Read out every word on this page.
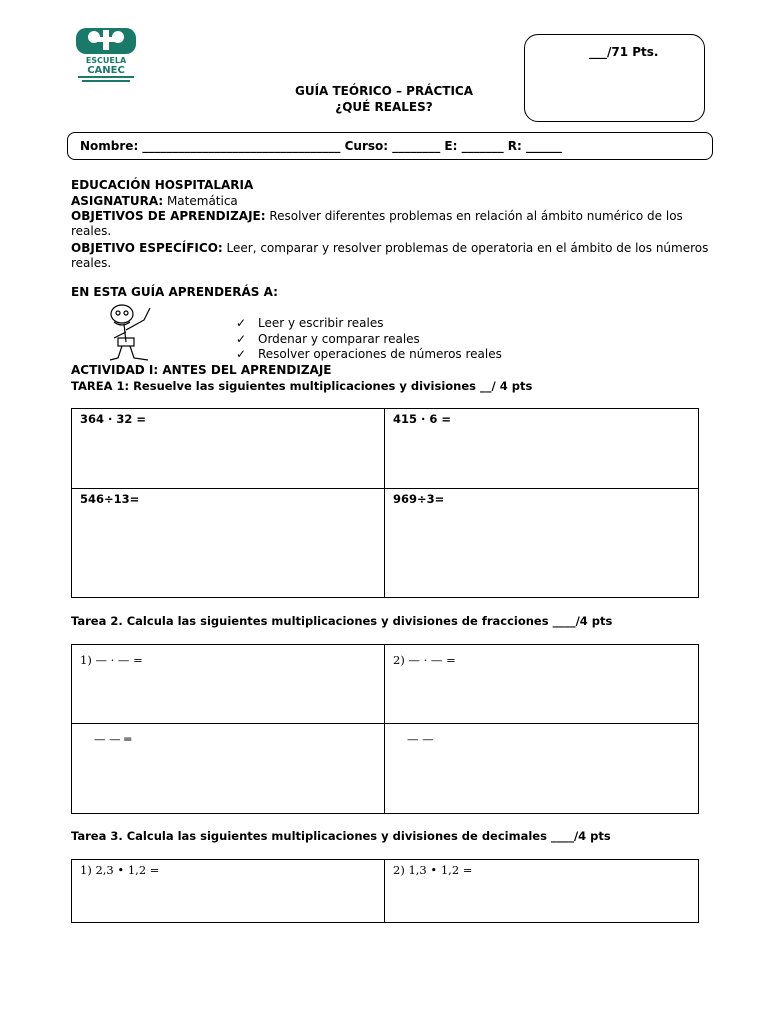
ESCUELA
CANEC
___/71 Pts.
GUÍA TEÓRICO – PRÁCTICA
¿QUÉ REALES?
Nombre: _________________________________ Curso: ________ E: _______ R: ______
EDUCACIÓN HOSPITALARIA
ASIGNATURA: Matemática
OBJETIVOS DE APRENDIZAJE: Resolver diferentes problemas en relación al ámbito numérico de los reales.
OBJETIVO ESPECÍFICO: Leer, comparar y resolver problemas de operatoria en el ámbito de los números reales.
EN ESTA GUÍA APRENDERÁS A:
✓ Leer y escribir reales
✓ Ordenar y comparar reales
✓ Resolver operaciones de números reales
ACTIVIDAD I: ANTES DEL APRENDIZAJE
TAREA 1: Resuelve las siguientes multiplicaciones y divisiones __/ 4 pts
364 · 32 =	415 · 6 =
546÷13=	969÷3=
Tarea 2. Calcula las siguientes multiplicaciones y divisiones de fracciones ____/4 pts
1) — · — =	2) — · — =
— — ═	— —
Tarea 3. Calcula las siguientes multiplicaciones y divisiones de decimales ____/4 pts
1) 2,3 • 1,2 =	2) 1,3 • 1,2 =
